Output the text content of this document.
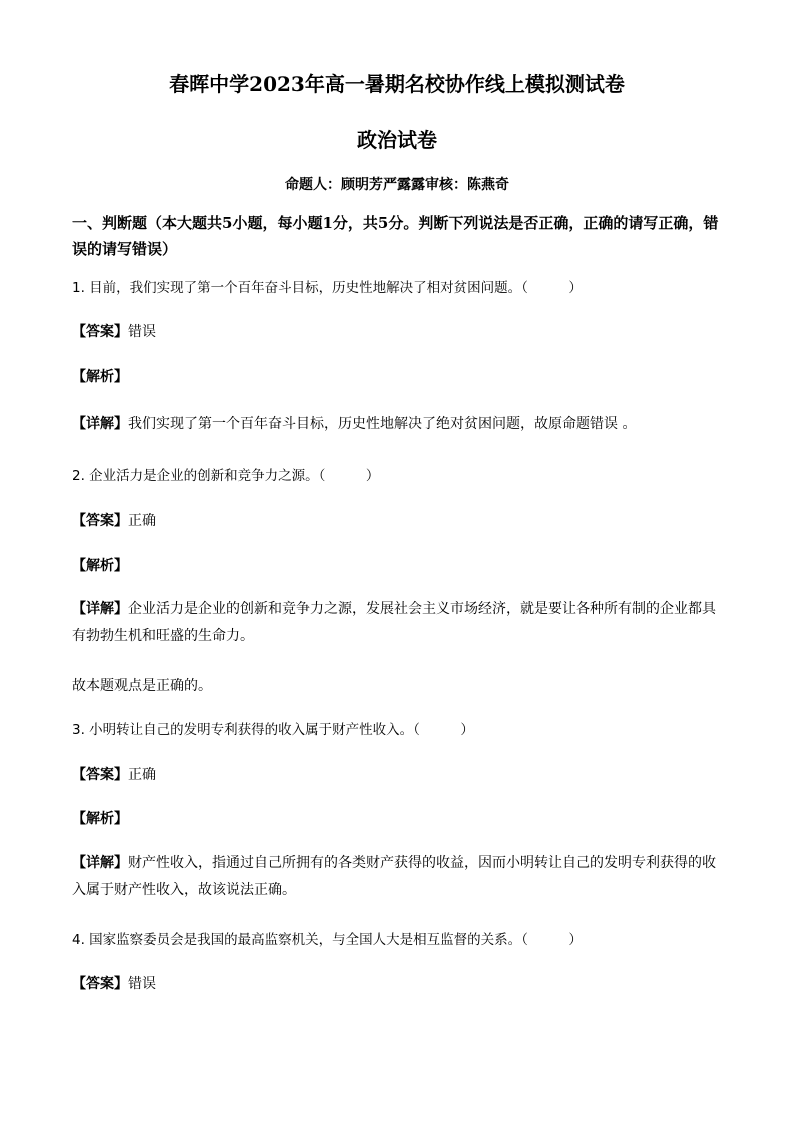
春晖中学2023年高一暑期名校协作线上模拟测试卷
政治试卷
命题人：顾明芳严露露审核：陈燕奇
一、判断题（本大题共5小题，每小题1分，共5分。判断下列说法是否正确，正确的请写正确，错误的请写错误）
1. 目前，我们实现了第一个百年奋斗目标，历史性地解决了相对贫困问题。（　　　）
【答案】错误
【解析】
【详解】我们实现了第一个百年奋斗目标，历史性地解决了绝对贫困问题，故原命题错误 。
2. 企业活力是企业的创新和竞争力之源。（　　　）
【答案】正确
【解析】
【详解】企业活力是企业的创新和竞争力之源，发展社会主义市场经济，就是要让各种所有制的企业都具有勃勃生机和旺盛的生命力。
故本题观点是正确的。
3. 小明转让自己的发明专利获得的收入属于财产性收入。（　　　）
【答案】正确
【解析】
【详解】财产性收入，指通过自己所拥有的各类财产获得的收益，因而小明转让自己的发明专利获得的收入属于财产性收入，故该说法正确。
4. 国家监察委员会是我国的最高监察机关，与全国人大是相互监督的关系。（　　　）
【答案】错误
